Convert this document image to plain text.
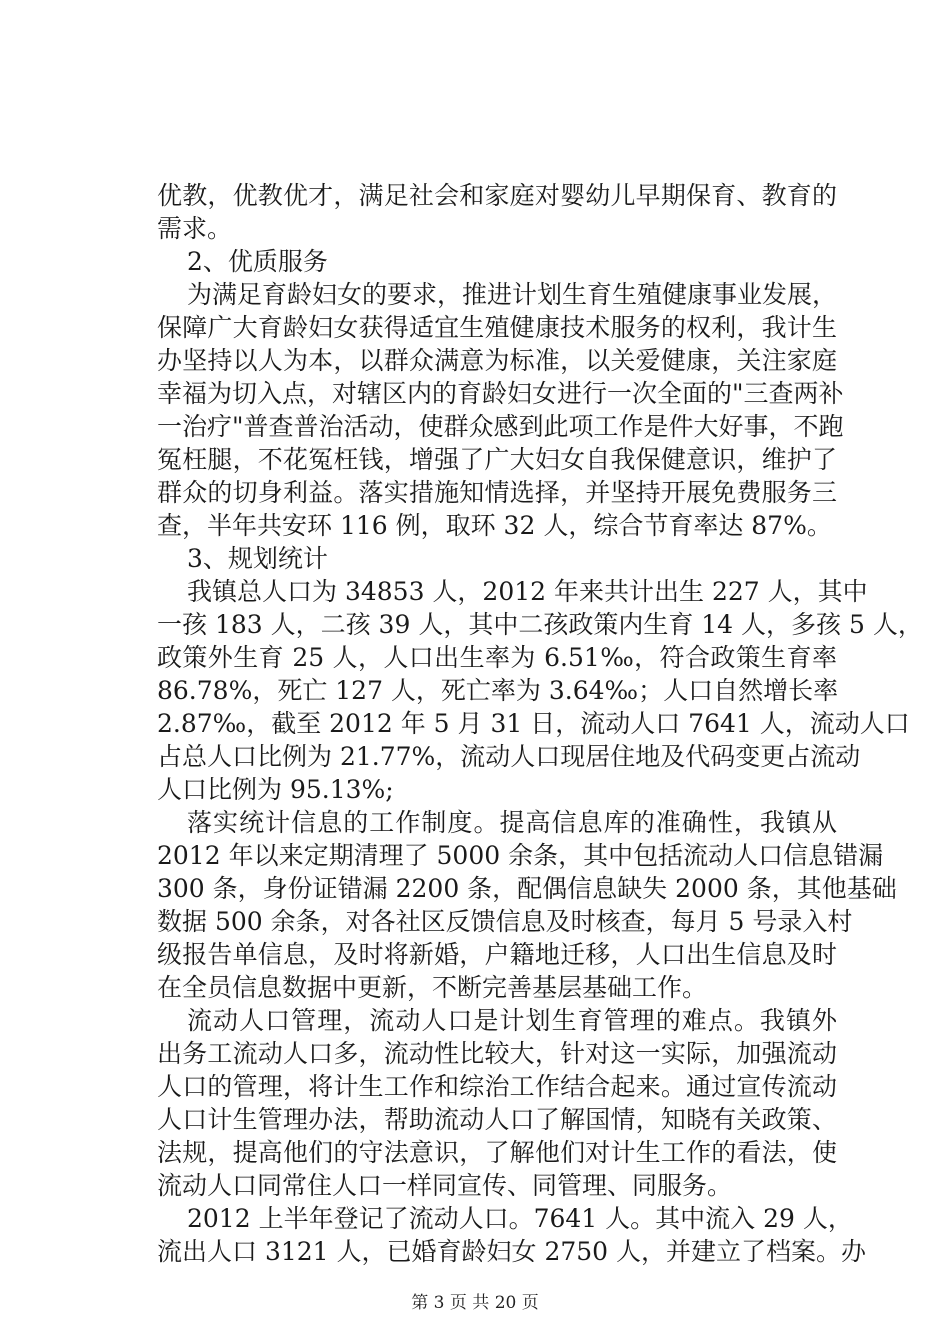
优教，优教优才，满足社会和家庭对婴幼儿早期保育、教育的
需求。
2、优质服务
为满足育龄妇女的要求，推进计划生育生殖健康事业发展，
保障广大育龄妇女获得适宜生殖健康技术服务的权利，我计生
办坚持以人为本，以群众满意为标准，以关爱健康，关注家庭
幸福为切入点，对辖区内的育龄妇女进行一次全面的"三查两补
一治疗"普查普治活动，使群众感到此项工作是件大好事，不跑
冤枉腿，不花冤枉钱，增强了广大妇女自我保健意识，维护了
群众的切身利益。落实措施知情选择，并坚持开展免费服务三
查，半年共安环 116 例，取环 32 人，综合节育率达 87%。
3、规划统计
我镇总人口为 34853 人，2012 年来共计出生 227 人，其中
一孩 183 人，二孩 39 人，其中二孩政策内生育 14 人，多孩 5 人，
政策外生育 25 人，人口出生率为 6.51‰，符合政策生育率
86.78%，死亡 127 人，死亡率为 3.64‰；人口自然增长率
2.87‰，截至 2012 年 5 月 31 日，流动人口 7641 人，流动人口
占总人口比例为 21.77%，流动人口现居住地及代码变更占流动
人口比例为 95.13%;
落实统计信息的工作制度。提高信息库的准确性，我镇从
2012 年以来定期清理了 5000 余条，其中包括流动人口信息错漏
300 条，身份证错漏 2200 条，配偶信息缺失 2000 条，其他基础
数据 500 余条，对各社区反馈信息及时核查，每月 5 号录入村
级报告单信息，及时将新婚，户籍地迁移，人口出生信息及时
在全员信息数据中更新，不断完善基层基础工作。
流动人口管理，流动人口是计划生育管理的难点。我镇外
出务工流动人口多，流动性比较大，针对这一实际，加强流动
人口的管理，将计生工作和综治工作结合起来。通过宣传流动
人口计生管理办法，帮助流动人口了解国情，知晓有关政策、
法规，提高他们的守法意识，了解他们对计生工作的看法，使
流动人口同常住人口一样同宣传、同管理、同服务。
2012 上半年登记了流动人口。7641 人。其中流入 29 人，
流出人口 3121 人，已婚育龄妇女 2750 人，并建立了档案。办
第 3 页 共 20 页
